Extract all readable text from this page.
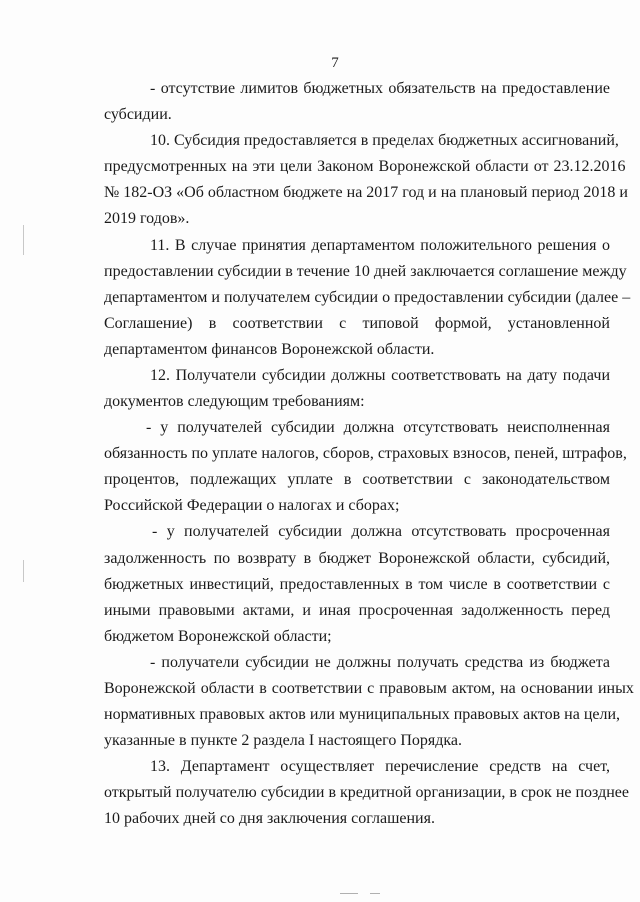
7
- отсутствие лимитов бюджетных обязательств на предоставление
субсидии.
10. Субсидия предоставляется в пределах бюджетных ассигнований,
предусмотренных на эти цели Законом Воронежской области от 23.12.2016
№ 182-ОЗ «Об областном бюджете на 2017 год и на плановый период 2018 и
2019 годов».
11. В случае принятия департаментом положительного решения о
предоставлении субсидии в течение 10 дней заключается соглашение между
департаментом и получателем субсидии о предоставлении субсидии (далее –
Соглашение) в соответствии с типовой формой, установленной
департаментом финансов Воронежской области.
12. Получатели субсидии должны соответствовать на дату подачи
документов следующим требованиям:
- у получателей субсидии должна отсутствовать неисполненная
обязанность по уплате налогов, сборов, страховых взносов, пеней, штрафов,
процентов, подлежащих уплате в соответствии с законодательством
Российской Федерации о налогах и сборах;
- у получателей субсидии должна отсутствовать просроченная
задолженность по возврату в бюджет Воронежской области, субсидий,
бюджетных инвестиций, предоставленных в том числе в соответствии с
иными правовыми актами, и иная просроченная задолженность перед
бюджетом Воронежской области;
- получатели субсидии не должны получать средства из бюджета
Воронежской области в соответствии с правовым актом, на основании иных
нормативных правовых актов или муниципальных правовых актов на цели,
указанные в пункте 2 раздела I настоящего Порядка.
13. Департамент осуществляет перечисление средств на счет,
открытый получателю субсидии в кредитной организации, в срок не позднее
10 рабочих дней со дня заключения соглашения.
